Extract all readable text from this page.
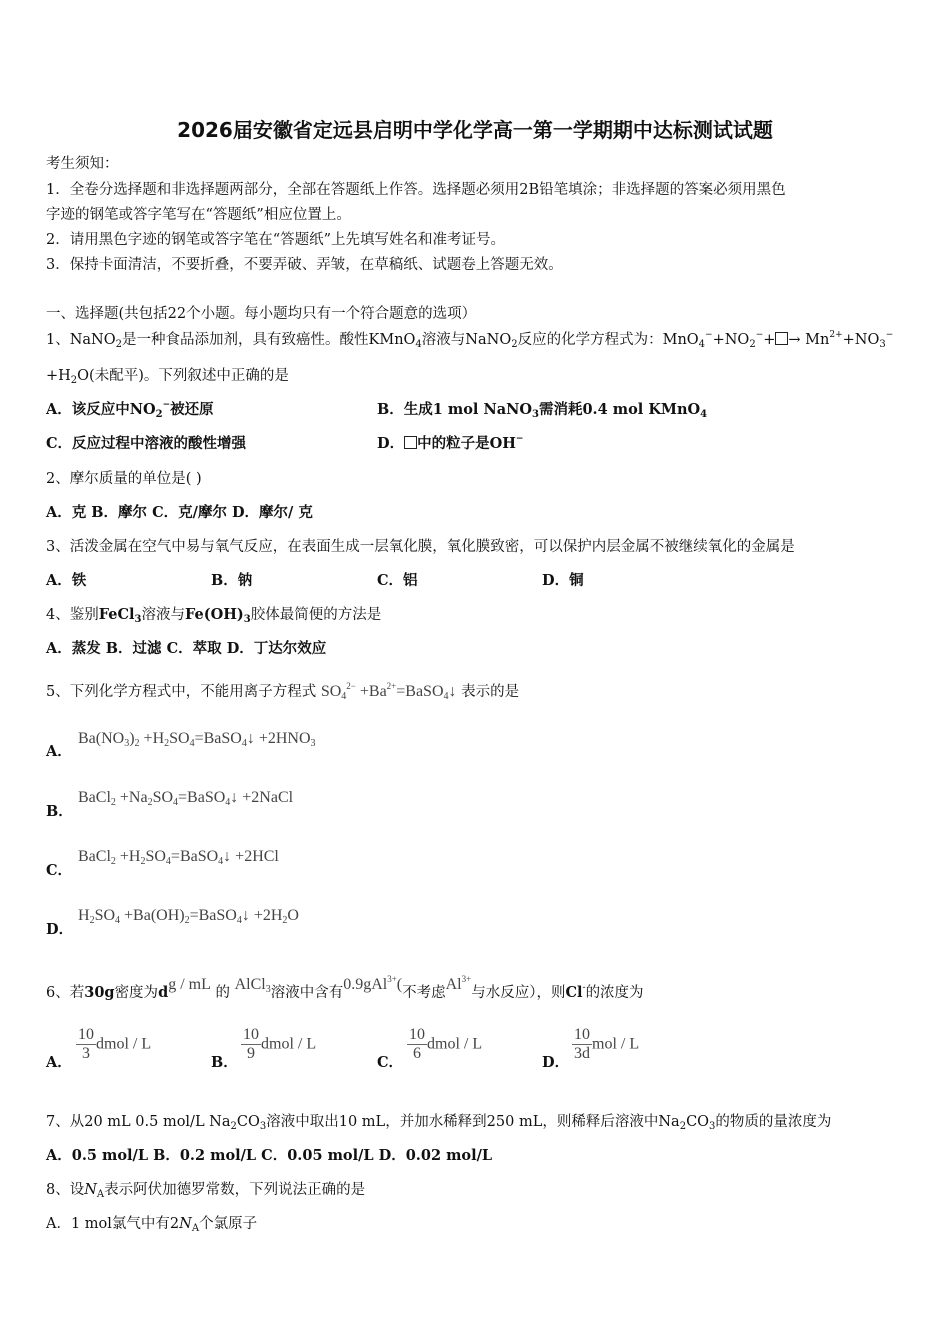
2026届安徽省定远县启明中学化学高一第一学期期中达标测试试题
考生须知：
1．全卷分选择题和非选择题两部分，全部在答题纸上作答。选择题必须用2B铅笔填涂；非选择题的答案必须用黑色
字迹的钢笔或答字笔写在“答题纸”相应位置上。
2．请用黑色字迹的钢笔或答字笔在“答题纸”上先填写姓名和准考证号。
3．保持卡面清洁，不要折叠，不要弄破、弄皱，在草稿纸、试题卷上答题无效。
一、选择题(共包括22个小题。每小题均只有一个符合题意的选项）
1、NaNO$_2$是一种食品添加剂，具有致癌性。酸性KMnO$_4$溶液与NaNO$_2$反应的化学方程式为：$MnO_4^-+NO_2^-+ \to Mn^{2+}+NO_3^-$
$+H_2O$(未配平)。下列叙述中正确的是
A．该反应中$NO_2^-$被还原	B．生成1 mol NaNO$_3$需消耗0.4 mol KMnO$_4$
C．反应过程中溶液的酸性增强	D． 中的粒子是OH−
2、摩尔质量的单位是( )
A．克 B．摩尔 C．克/摩尔 D．摩尔/ 克
3、活泼金属在空气中易与氧气反应，在表面生成一层氧化膜，氧化膜致密，可以保护内层金属不被继续氧化的金属是
A．铁	B．钠	C．铝	D．铜
4、鉴别FeCl$_3$溶液与$Fe(OH)_3$胶体最简便的方法是
A．蒸发 B．过滤 C．萃取 D．丁达尔效应
5、下列化学方程式中，不能用离子方程式 $SO_4^{2-}$ $+Ba^{2+}=BaSO_4↓$ 表示的是
A．
$Ba(NO_3)_2$ $+H_2SO_4=BaSO_4↓ +2HNO_3$
B．
BaCl$_2$ $+Na_2SO_4=BaSO_4↓$ +2NaCl
C．
BaCl$_2$ $+H_2SO_4=BaSO_4↓ +2HCl$
D．
$H_2SO_4$ $+Ba(OH)_2=BaSO_4↓ +2H_2O$
6、若30g密度为dg / mL 的 AlCl$_3$溶液中含有0.9gAl$^{3+}$(不考虑$Al^{3+}$与水反应），则Cl-的浓度为
A． $\frac{10}{3}$ dmol / L
B． $\frac{10}{9}$ dmol / L
C． $\frac{10}{6}$ dmol / L
D． $\frac{10}{3d}$ mol / L
7、从20 mL 0.5 mol/L $Na_2CO_3$溶液中取出10 mL，并加水稀释到250 mL，则稀释后溶液中$Na_2CO_3$的物质的量浓度为
A．0.5 mol/L B．0.2 mol/L C．0.05 mol/L D．0.02 mol/L
8、设$N_A$表示阿伏加德罗常数，下列说法正确的是
A．1 mol氯气中有$2N_A$个氯原子
